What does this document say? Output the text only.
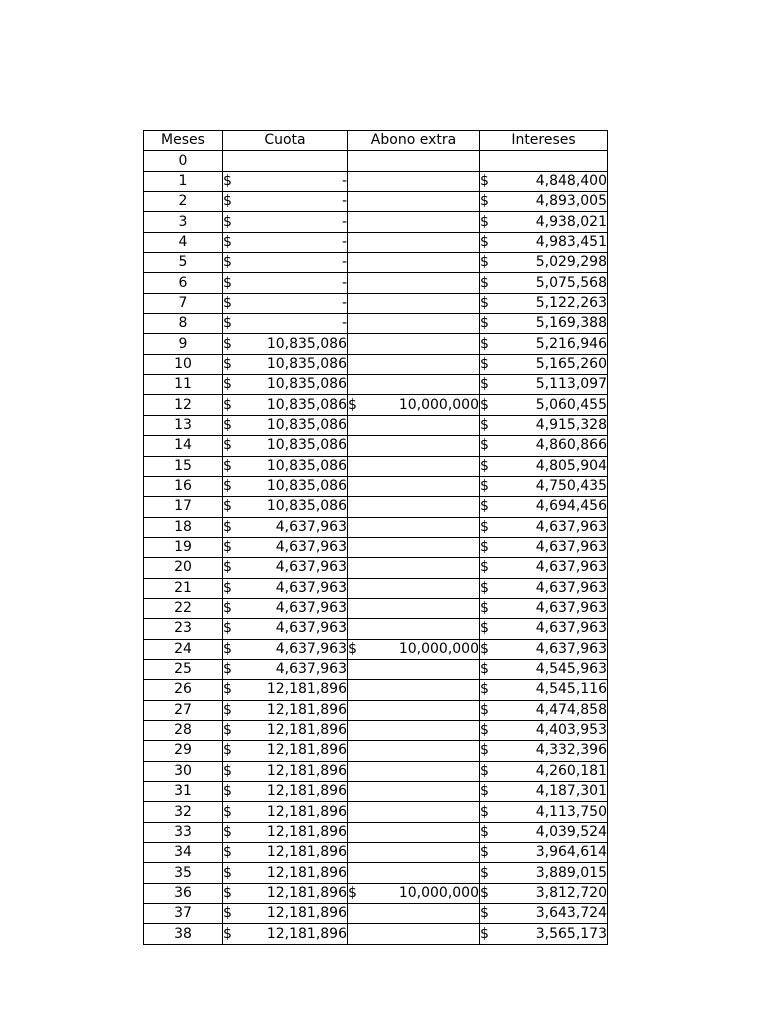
Meses	Cuota	Abono extra	Intereses
0			
1	$ -		$ 4,848,400

2	$ -		$ 4,893,005

3	$ -		$ 4,938,021

4	$ -		$ 4,983,451

5	$ -		$ 5,029,298

6	$ -		$ 5,075,568

7	$ -		$ 5,122,263

8	$ -		$ 5,169,388

9	$ 10,835,086		$ 5,216,946

10	$ 10,835,086		$ 5,165,260

11	$ 10,835,086		$ 5,113,097

12	$ 10,835,086	$ 10,000,000	$ 5,060,455

13	$ 10,835,086		$ 4,915,328

14	$ 10,835,086		$ 4,860,866

15	$ 10,835,086		$ 4,805,904

16	$ 10,835,086		$ 4,750,435

17	$ 10,835,086		$ 4,694,456

18	$ 4,637,963		$ 4,637,963

19	$ 4,637,963		$ 4,637,963

20	$ 4,637,963		$ 4,637,963

21	$ 4,637,963		$ 4,637,963

22	$ 4,637,963		$ 4,637,963

23	$ 4,637,963		$ 4,637,963

24	$ 4,637,963	$ 10,000,000	$ 4,637,963

25	$ 4,637,963		$ 4,545,963

26	$ 12,181,896		$ 4,545,116

27	$ 12,181,896		$ 4,474,858

28	$ 12,181,896		$ 4,403,953

29	$ 12,181,896		$ 4,332,396

30	$ 12,181,896		$ 4,260,181

31	$ 12,181,896		$ 4,187,301

32	$ 12,181,896		$ 4,113,750

33	$ 12,181,896		$ 4,039,524

34	$ 12,181,896		$ 3,964,614

35	$ 12,181,896		$ 3,889,015

36	$ 12,181,896	$ 10,000,000	$ 3,812,720

37	$ 12,181,896		$ 3,643,724

38	$ 12,181,896		$ 3,565,173
